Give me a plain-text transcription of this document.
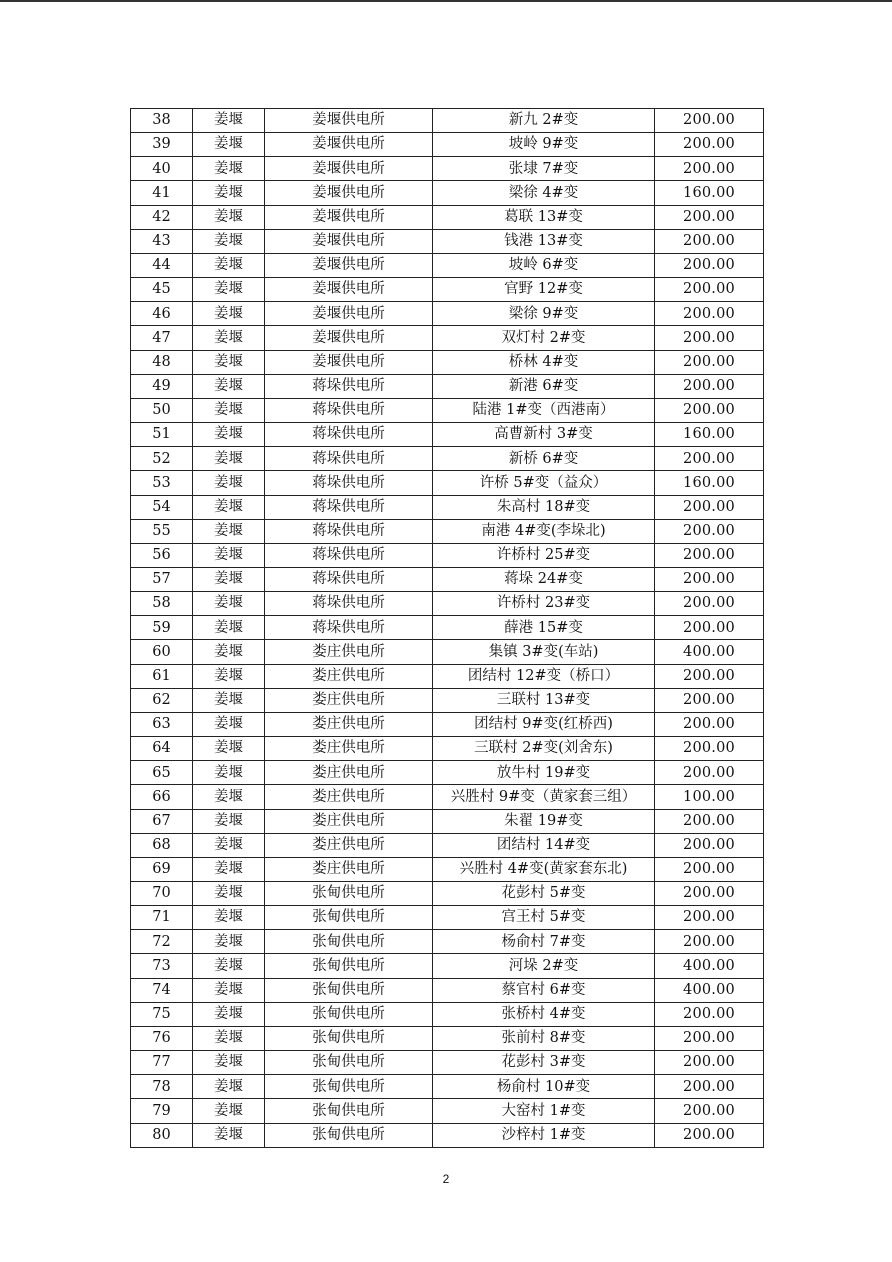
38	姜堰	姜堰供电所	新九 2#变	200.00
39	姜堰	姜堰供电所	坡岭 9#变	200.00
40	姜堰	姜堰供电所	张埭 7#变	200.00
41	姜堰	姜堰供电所	梁徐 4#变	160.00
42	姜堰	姜堰供电所	葛联 13#变	200.00
43	姜堰	姜堰供电所	钱港 13#变	200.00
44	姜堰	姜堰供电所	坡岭 6#变	200.00
45	姜堰	姜堰供电所	官野 12#变	200.00
46	姜堰	姜堰供电所	梁徐 9#变	200.00
47	姜堰	姜堰供电所	双灯村 2#变	200.00
48	姜堰	姜堰供电所	桥林 4#变	200.00
49	姜堰	蒋垛供电所	新港 6#变	200.00
50	姜堰	蒋垛供电所	陆港 1#变（西港南）	200.00
51	姜堰	蒋垛供电所	高曹新村 3#变	160.00
52	姜堰	蒋垛供电所	新桥 6#变	200.00
53	姜堰	蒋垛供电所	许桥 5#变（益众）	160.00
54	姜堰	蒋垛供电所	朱高村 18#变	200.00
55	姜堰	蒋垛供电所	南港 4#变(李垛北)	200.00
56	姜堰	蒋垛供电所	许桥村 25#变	200.00
57	姜堰	蒋垛供电所	蒋垛 24#变	200.00
58	姜堰	蒋垛供电所	许桥村 23#变	200.00
59	姜堰	蒋垛供电所	薛港 15#变	200.00
60	姜堰	娄庄供电所	集镇 3#变(车站)	400.00
61	姜堰	娄庄供电所	团结村 12#变（桥口）	200.00
62	姜堰	娄庄供电所	三联村 13#变	200.00
63	姜堰	娄庄供电所	团结村 9#变(红桥西)	200.00
64	姜堰	娄庄供电所	三联村 2#变(刘舍东)	200.00
65	姜堰	娄庄供电所	放牛村 19#变	200.00
66	姜堰	娄庄供电所	兴胜村 9#变（黄家套三组）	100.00
67	姜堰	娄庄供电所	朱翟 19#变	200.00
68	姜堰	娄庄供电所	团结村 14#变	200.00
69	姜堰	娄庄供电所	兴胜村 4#变(黄家套东北)	200.00
70	姜堰	张甸供电所	花彭村 5#变	200.00
71	姜堰	张甸供电所	宫王村 5#变	200.00
72	姜堰	张甸供电所	杨俞村 7#变	200.00
73	姜堰	张甸供电所	河垛 2#变	400.00
74	姜堰	张甸供电所	蔡官村 6#变	400.00
75	姜堰	张甸供电所	张桥村 4#变	200.00
76	姜堰	张甸供电所	张前村 8#变	200.00
77	姜堰	张甸供电所	花彭村 3#变	200.00
78	姜堰	张甸供电所	杨俞村 10#变	200.00
79	姜堰	张甸供电所	大窑村 1#变	200.00
80	姜堰	张甸供电所	沙梓村 1#变	200.00
2
